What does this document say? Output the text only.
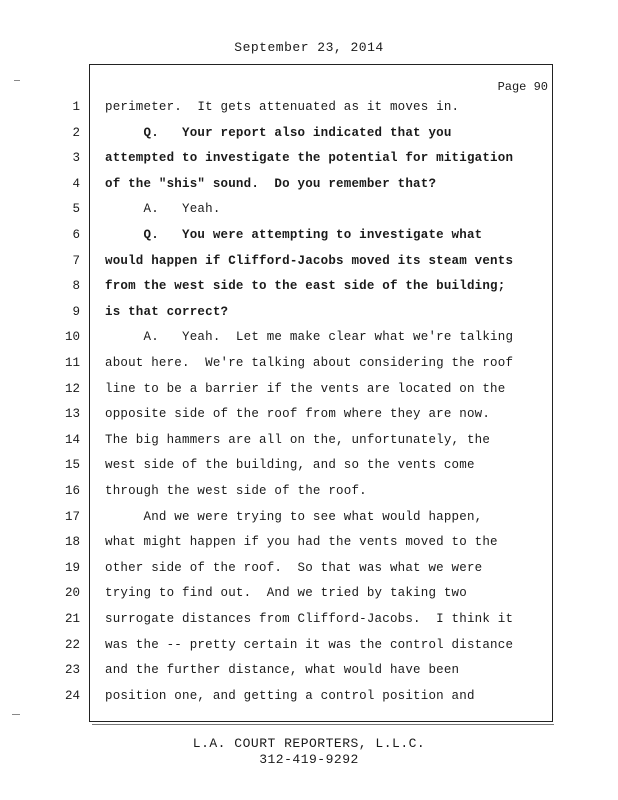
September 23, 2014
Page 90
1 perimeter.  It gets attenuated as it moves in.
2 Q.   Your report also indicated that you
3 attempted to investigate the potential for mitigation
4 of the "shis" sound.  Do you remember that?
5 A.   Yeah.
6 Q.   You were attempting to investigate what
7 would happen if Clifford-Jacobs moved its steam vents
8 from the west side to the east side of the building;
9 is that correct?
10 A.   Yeah.  Let me make clear what we're talking
11 about here.  We're talking about considering the roof
12 line to be a barrier if the vents are located on the
13 opposite side of the roof from where they are now.
14 The big hammers are all on the, unfortunately, the
15 west side of the building, and so the vents come
16 through the west side of the roof.
17 And we were trying to see what would happen,
18 what might happen if you had the vents moved to the
19 other side of the roof.  So that was what we were
20 trying to find out.  And we tried by taking two
21 surrogate distances from Clifford-Jacobs.  I think it
22 was the -- pretty certain it was the control distance
23 and the further distance, what would have been
24 position one, and getting a control position and
L.A. COURT REPORTERS, L.L.C.
312-419-9292
